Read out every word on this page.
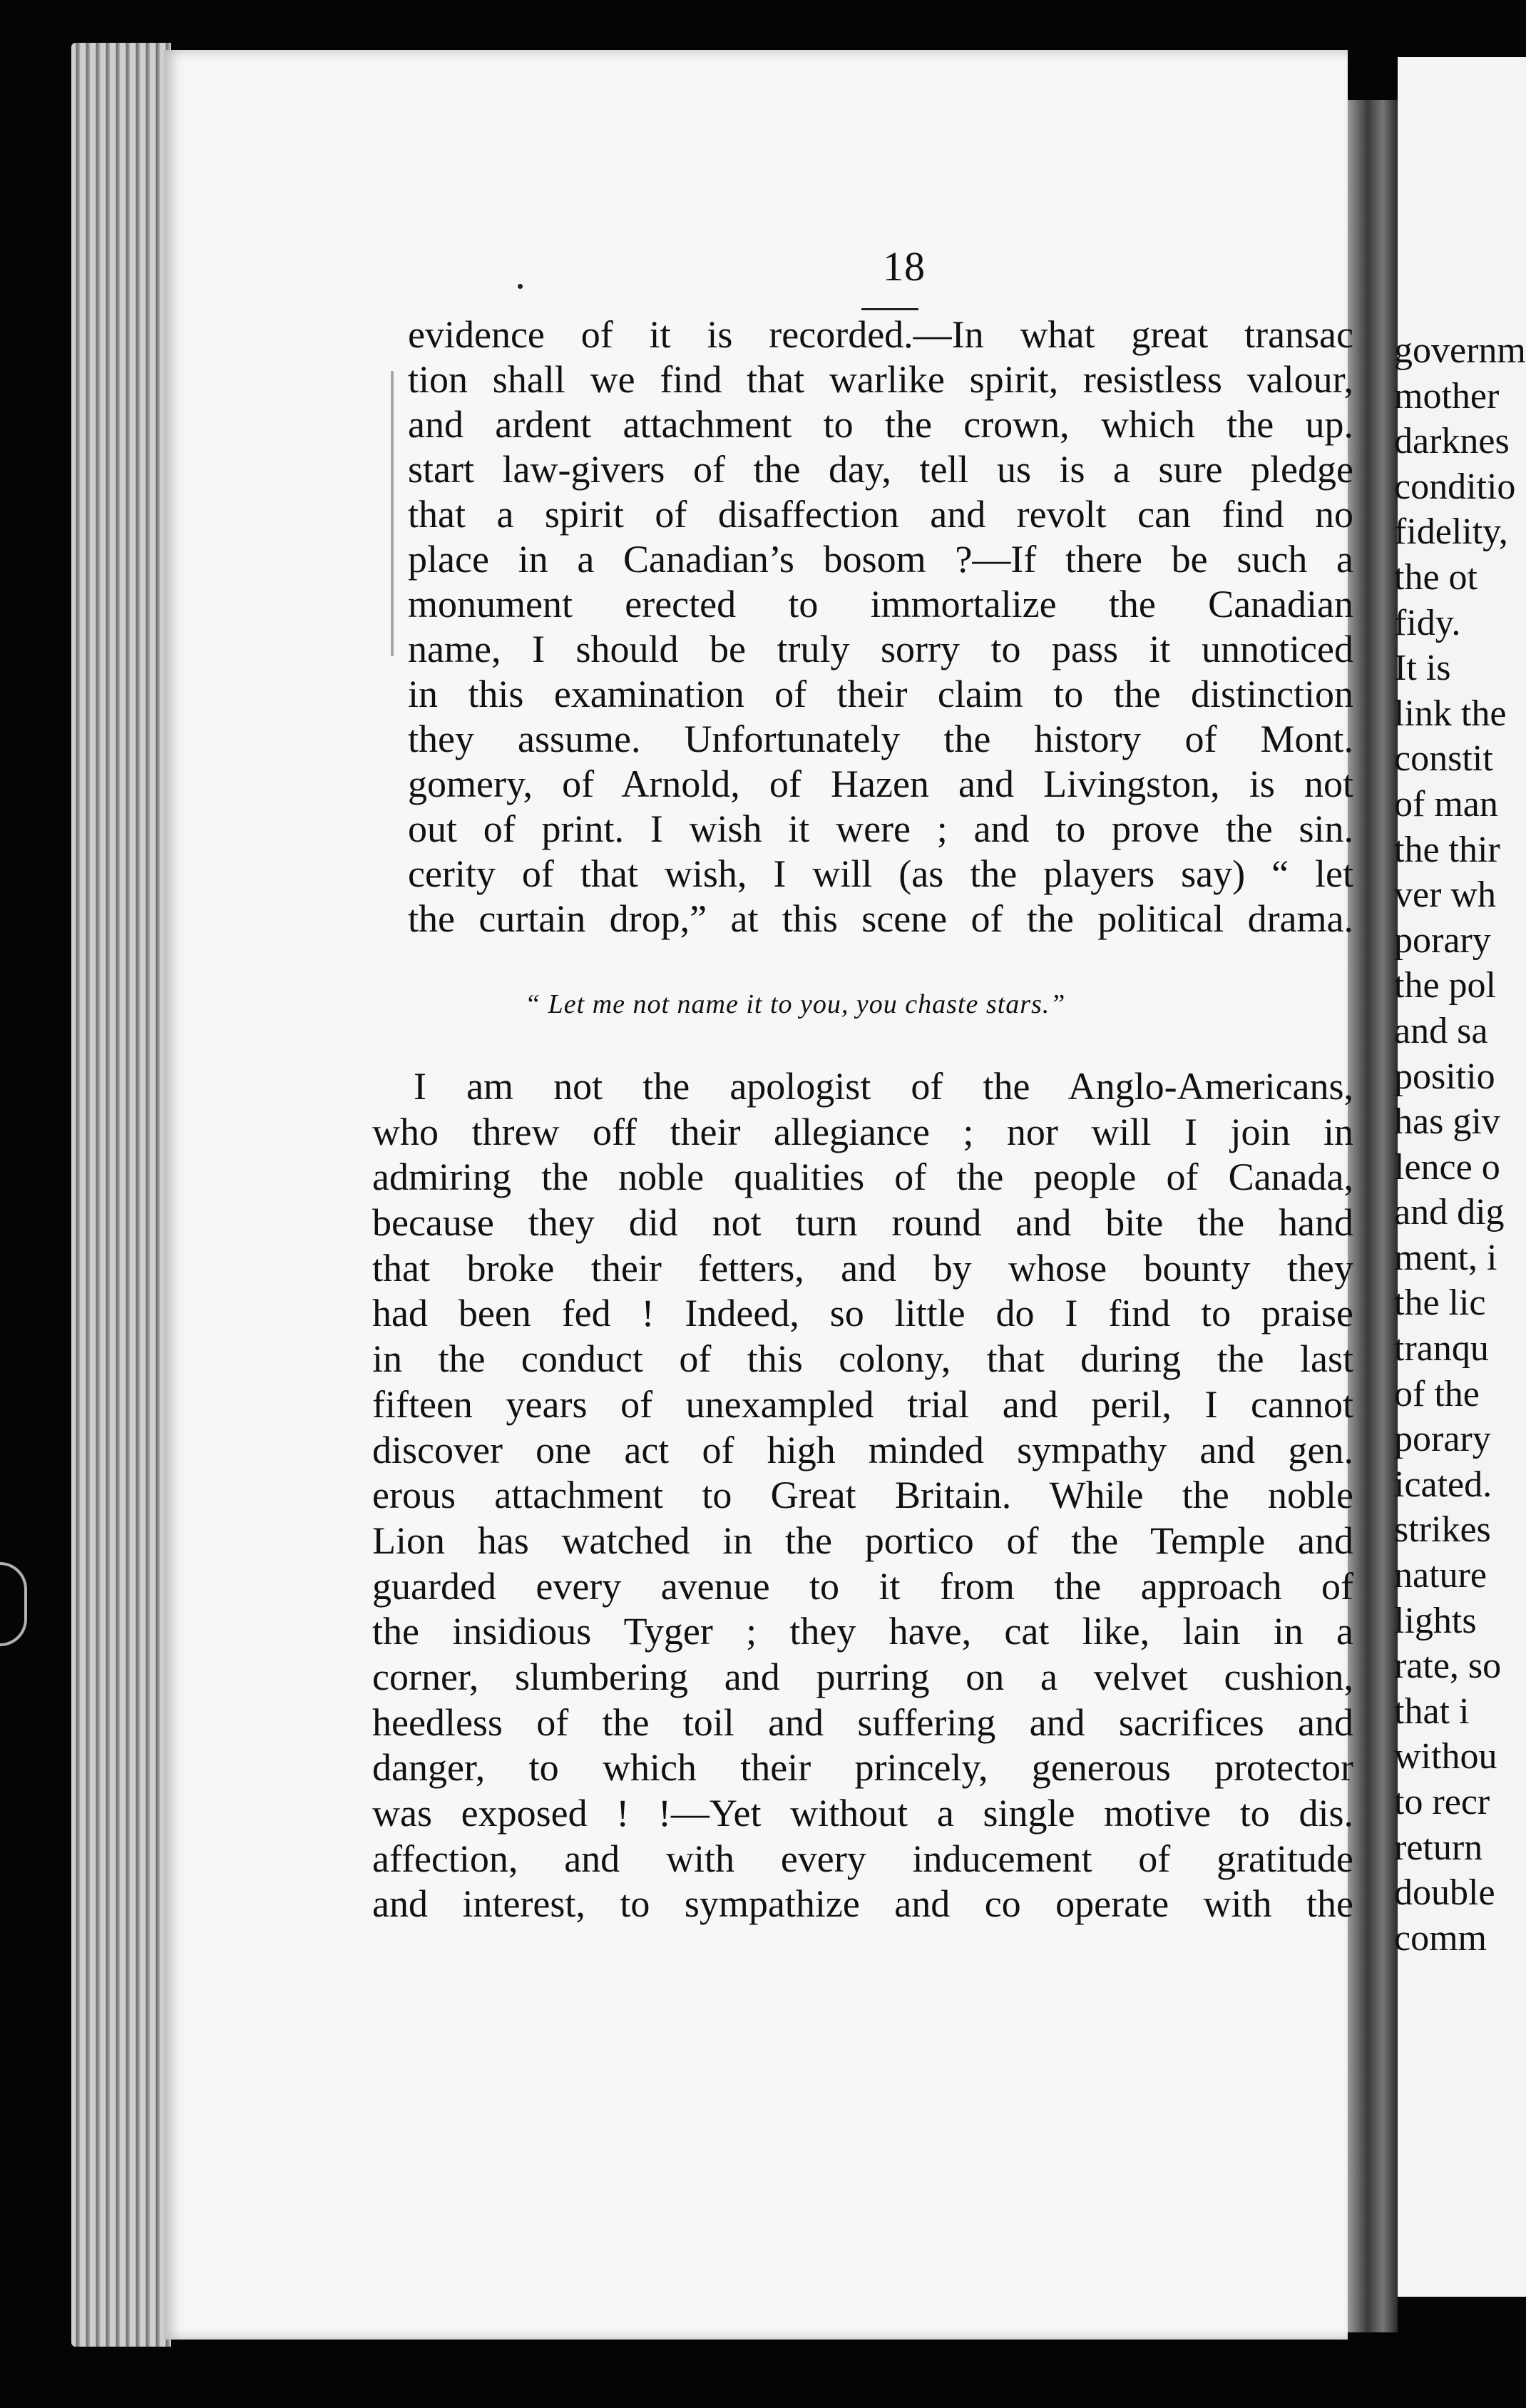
18
evidence of it is recorded.—In what great transac
tion shall we find that warlike spirit, resistless valour,
and ardent attachment to the crown, which the up.
start law-givers of the day, tell us is a sure pledge
that a spirit of disaffection and revolt can find no
place in a Canadian’s bosom ?—If there be such a
monument erected to immortalize the Canadian
name, I should be truly sorry to pass it unnoticed
in this examination of their claim to the distinction
they assume. Unfortunately the history of Mont.
gomery, of Arnold, of Hazen and Livingston, is not
out of print. I wish it were ; and to prove the sin.
cerity of that wish, I will (as the players say) “ let
the curtain drop,” at this scene of the political drama.
“ Let me not name it to you, you chaste stars.”
I am not the apologist of the Anglo-Americans,
who threw off their allegiance ; nor will I join in
admiring the noble qualities of the people of Canada,
because they did not turn round and bite the hand
that broke their fetters, and by whose bounty they
had been fed ! Indeed, so little do I find to praise
in the conduct of this colony, that during the last
fifteen years of unexampled trial and peril, I cannot
discover one act of high minded sympathy and gen.
erous attachment to Great Britain. While the noble
Lion has watched in the portico of the Temple and
guarded every avenue to it from the approach of
the insidious Tyger ; they have, cat like, lain in a
corner, slumbering and purring on a velvet cushion,
heedless of the toil and suffering and sacrifices and
danger, to which their princely, generous protector
was exposed ! !—Yet without a single motive to dis.
affection, and with every inducement of gratitude
and interest, to sympathize and co operate with the
governm
mother
darknes
conditio
fidelity,
the ot
fidy.
It is
link the
constit
of man
the thir
ver wh
porary
the pol
and sa
positio
has giv
lence o
and dig
ment, i
the lic
tranqu
of the
porary
icated.
strikes
nature
lights
rate, so
that i
withou
to recr
return
double
comm
